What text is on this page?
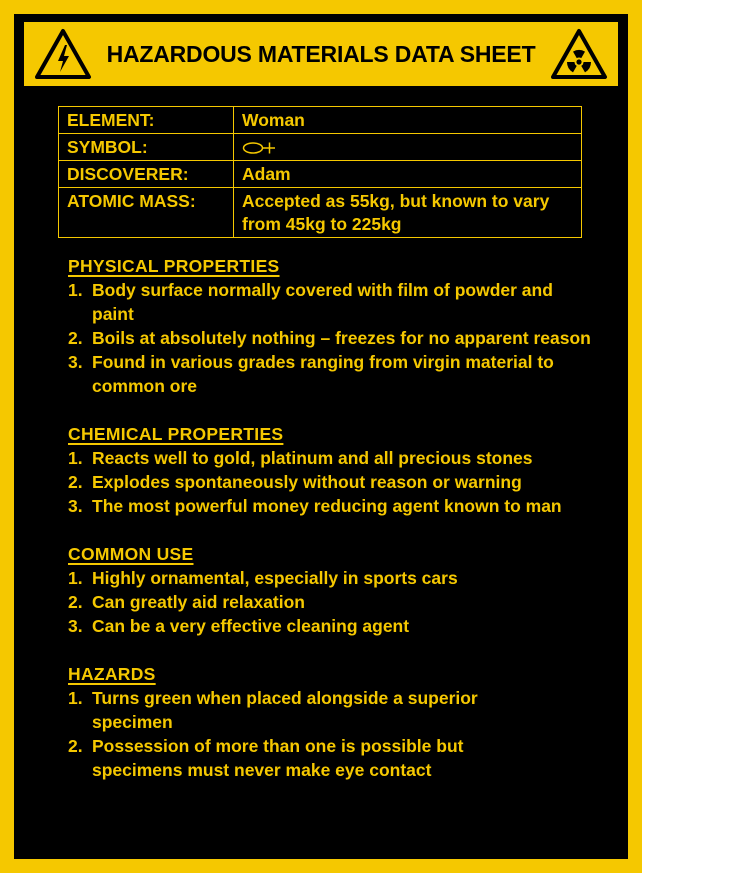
HAZARDOUS MATERIALS DATA SHEET
ELEMENT:	Woman
SYMBOL:	
DISCOVERER:	Adam
ATOMIC MASS:	Accepted as 55kg, but known to vary from 45kg to 225kg
PHYSICAL PROPERTIES
1. Body surface normally covered with film of powder and paint
2. Boils at absolutely nothing – freezes for no apparent reason
3. Found in various grades ranging from virgin material to common ore
CHEMICAL PROPERTIES
1. Reacts well to gold, platinum and all precious stones
2. Explodes spontaneously without reason or warning
3. The most powerful money reducing agent known to man
COMMON USE
1. Highly ornamental, especially in sports cars
2. Can greatly aid relaxation
3. Can be a very effective cleaning agent
HAZARDS
1. Turns green when placed alongside a superior specimen
2. Possession of more than one is possible but specimens must never make eye contact
